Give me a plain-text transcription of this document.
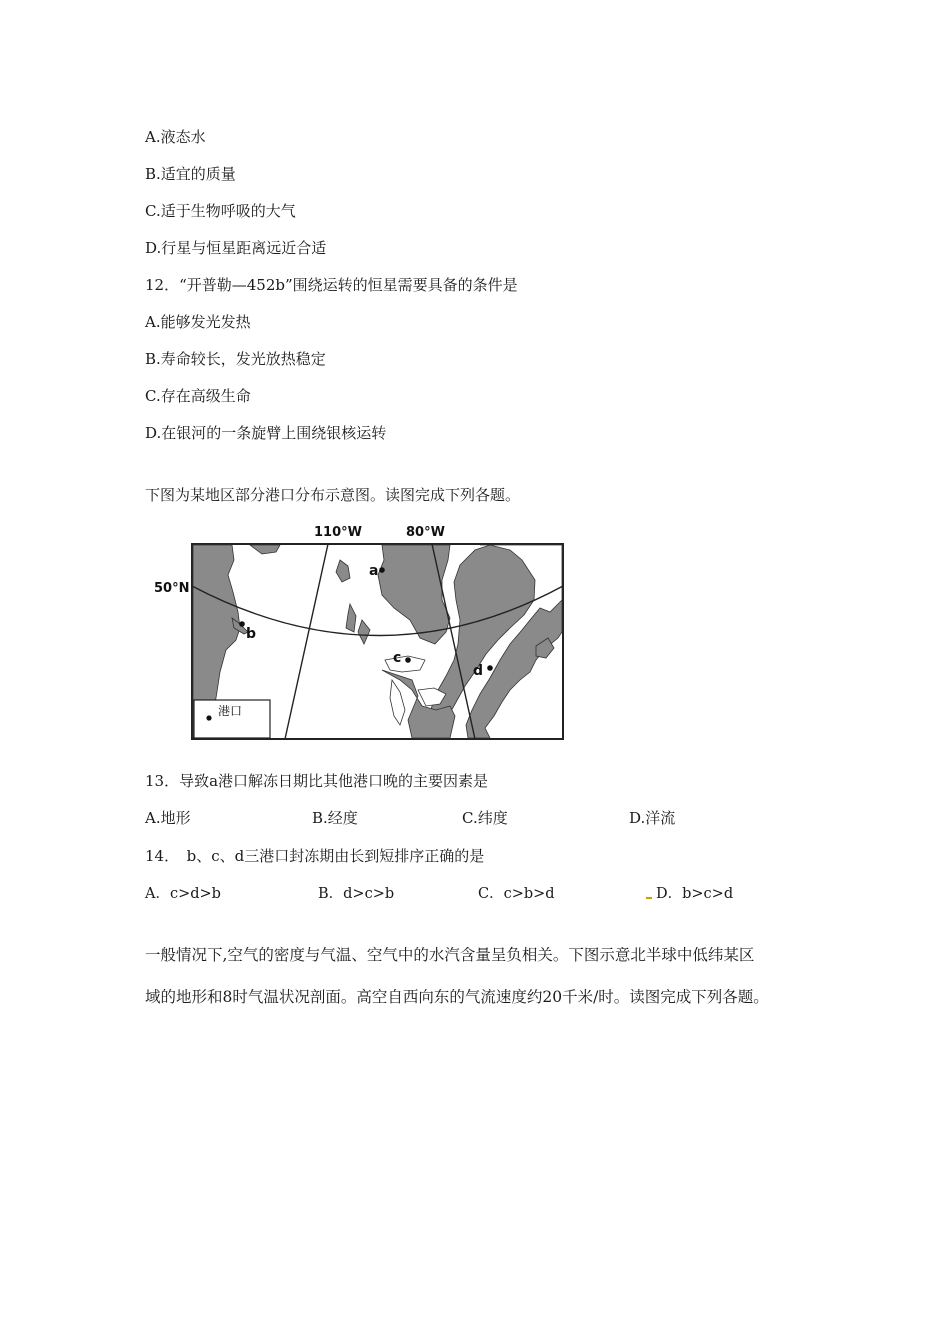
A.液态水
B.适宜的质量
C.适于生物呼吸的大气
D.行星与恒星距离远近合适
12．“开普勒—452b”围绕运转的恒星需要具备的条件是
A.能够发光发热
B.寿命较长，发光放热稳定
C.存在高级生命
D.在银河的一条旋臂上围绕银核运转
下图为某地区部分港口分布示意图。读图完成下列各题。
a
b
c
d
50°N
110°W	80°W
港口
13．导致a港口解冻日期比其他港口晚的主要因素是
A.地形	B.经度	C.纬度	D.洋流
14．　b、c、d三港口封冻期由长到短排序正确的是
A．c>d>b	B．d>c>b	C．c>b>d	D．b>c>d
一般情况下,空气的密度与气温、空气中的水汽含量呈负相关。下图示意北半球中低纬某区
域的地形和8时气温状况剖面。高空自西向东的气流速度约20千米/时。读图完成下列各题。
